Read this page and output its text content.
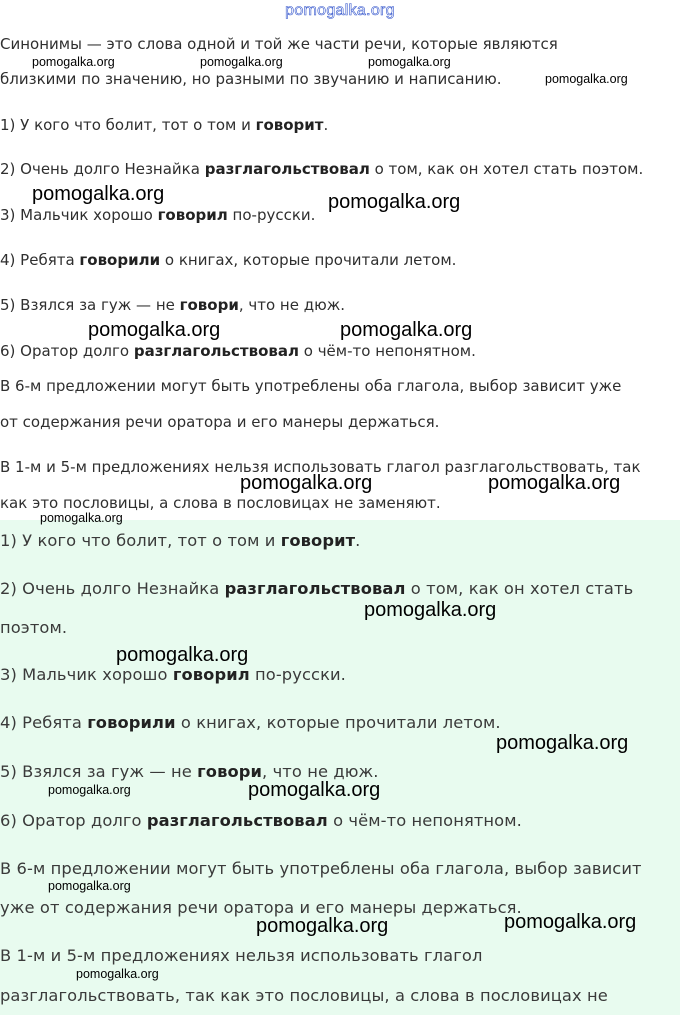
pomogalka.org
Синонимы — это слова одной и той же части речи, которые являются
близкими по значению, но разными по звучанию и написанию.
1) У кого что болит, тот о том и говорит.
2) Очень долго Незнайка разглагольствовал о том, как он хотел стать поэтом.
3) Мальчик хорошо говорил по-русски.
4) Ребята говорили о книгах, которые прочитали летом.
5) Взялся за гуж — не говори, что не дюж.
6) Оратор долго разглагольствовал о чём-то непонятном.
В 6-м предложении могут быть употреблены оба глагола, выбор зависит уже
от содержания речи оратора и его манеры держаться.
В 1-м и 5-м предложениях нельзя использовать глагол разглагольствовать, так
как это пословицы, а слова в пословицах не заменяют.
1) У кого что болит, тот о том и говорит.
2) Очень долго Незнайка разглагольствовал о том, как он хотел стать
поэтом.
3) Мальчик хорошо говорил по-русски.
4) Ребята говорили о книгах, которые прочитали летом.
5) Взялся за гуж — не говори, что не дюж.
6) Оратор долго разглагольствовал о чём-то непонятном.
В 6-м предложении могут быть употреблены оба глагола, выбор зависит
уже от содержания речи оратора и его манеры держаться.
В 1-м и 5-м предложениях нельзя использовать глагол
разглагольствовать, так как это пословицы, а слова в пословицах не
pomogalka.org	pomogalka.org	pomogalka.org
pomogalka.org
pomogalka.org	pomogalka.org
pomogalka.org	pomogalka.org
pomogalka.org	pomogalka.org
pomogalka.org
pomogalka.org
pomogalka.org
pomogalka.org
pomogalka.org	pomogalka.org
pomogalka.org
pomogalka.org	pomogalka.org
pomogalka.org
